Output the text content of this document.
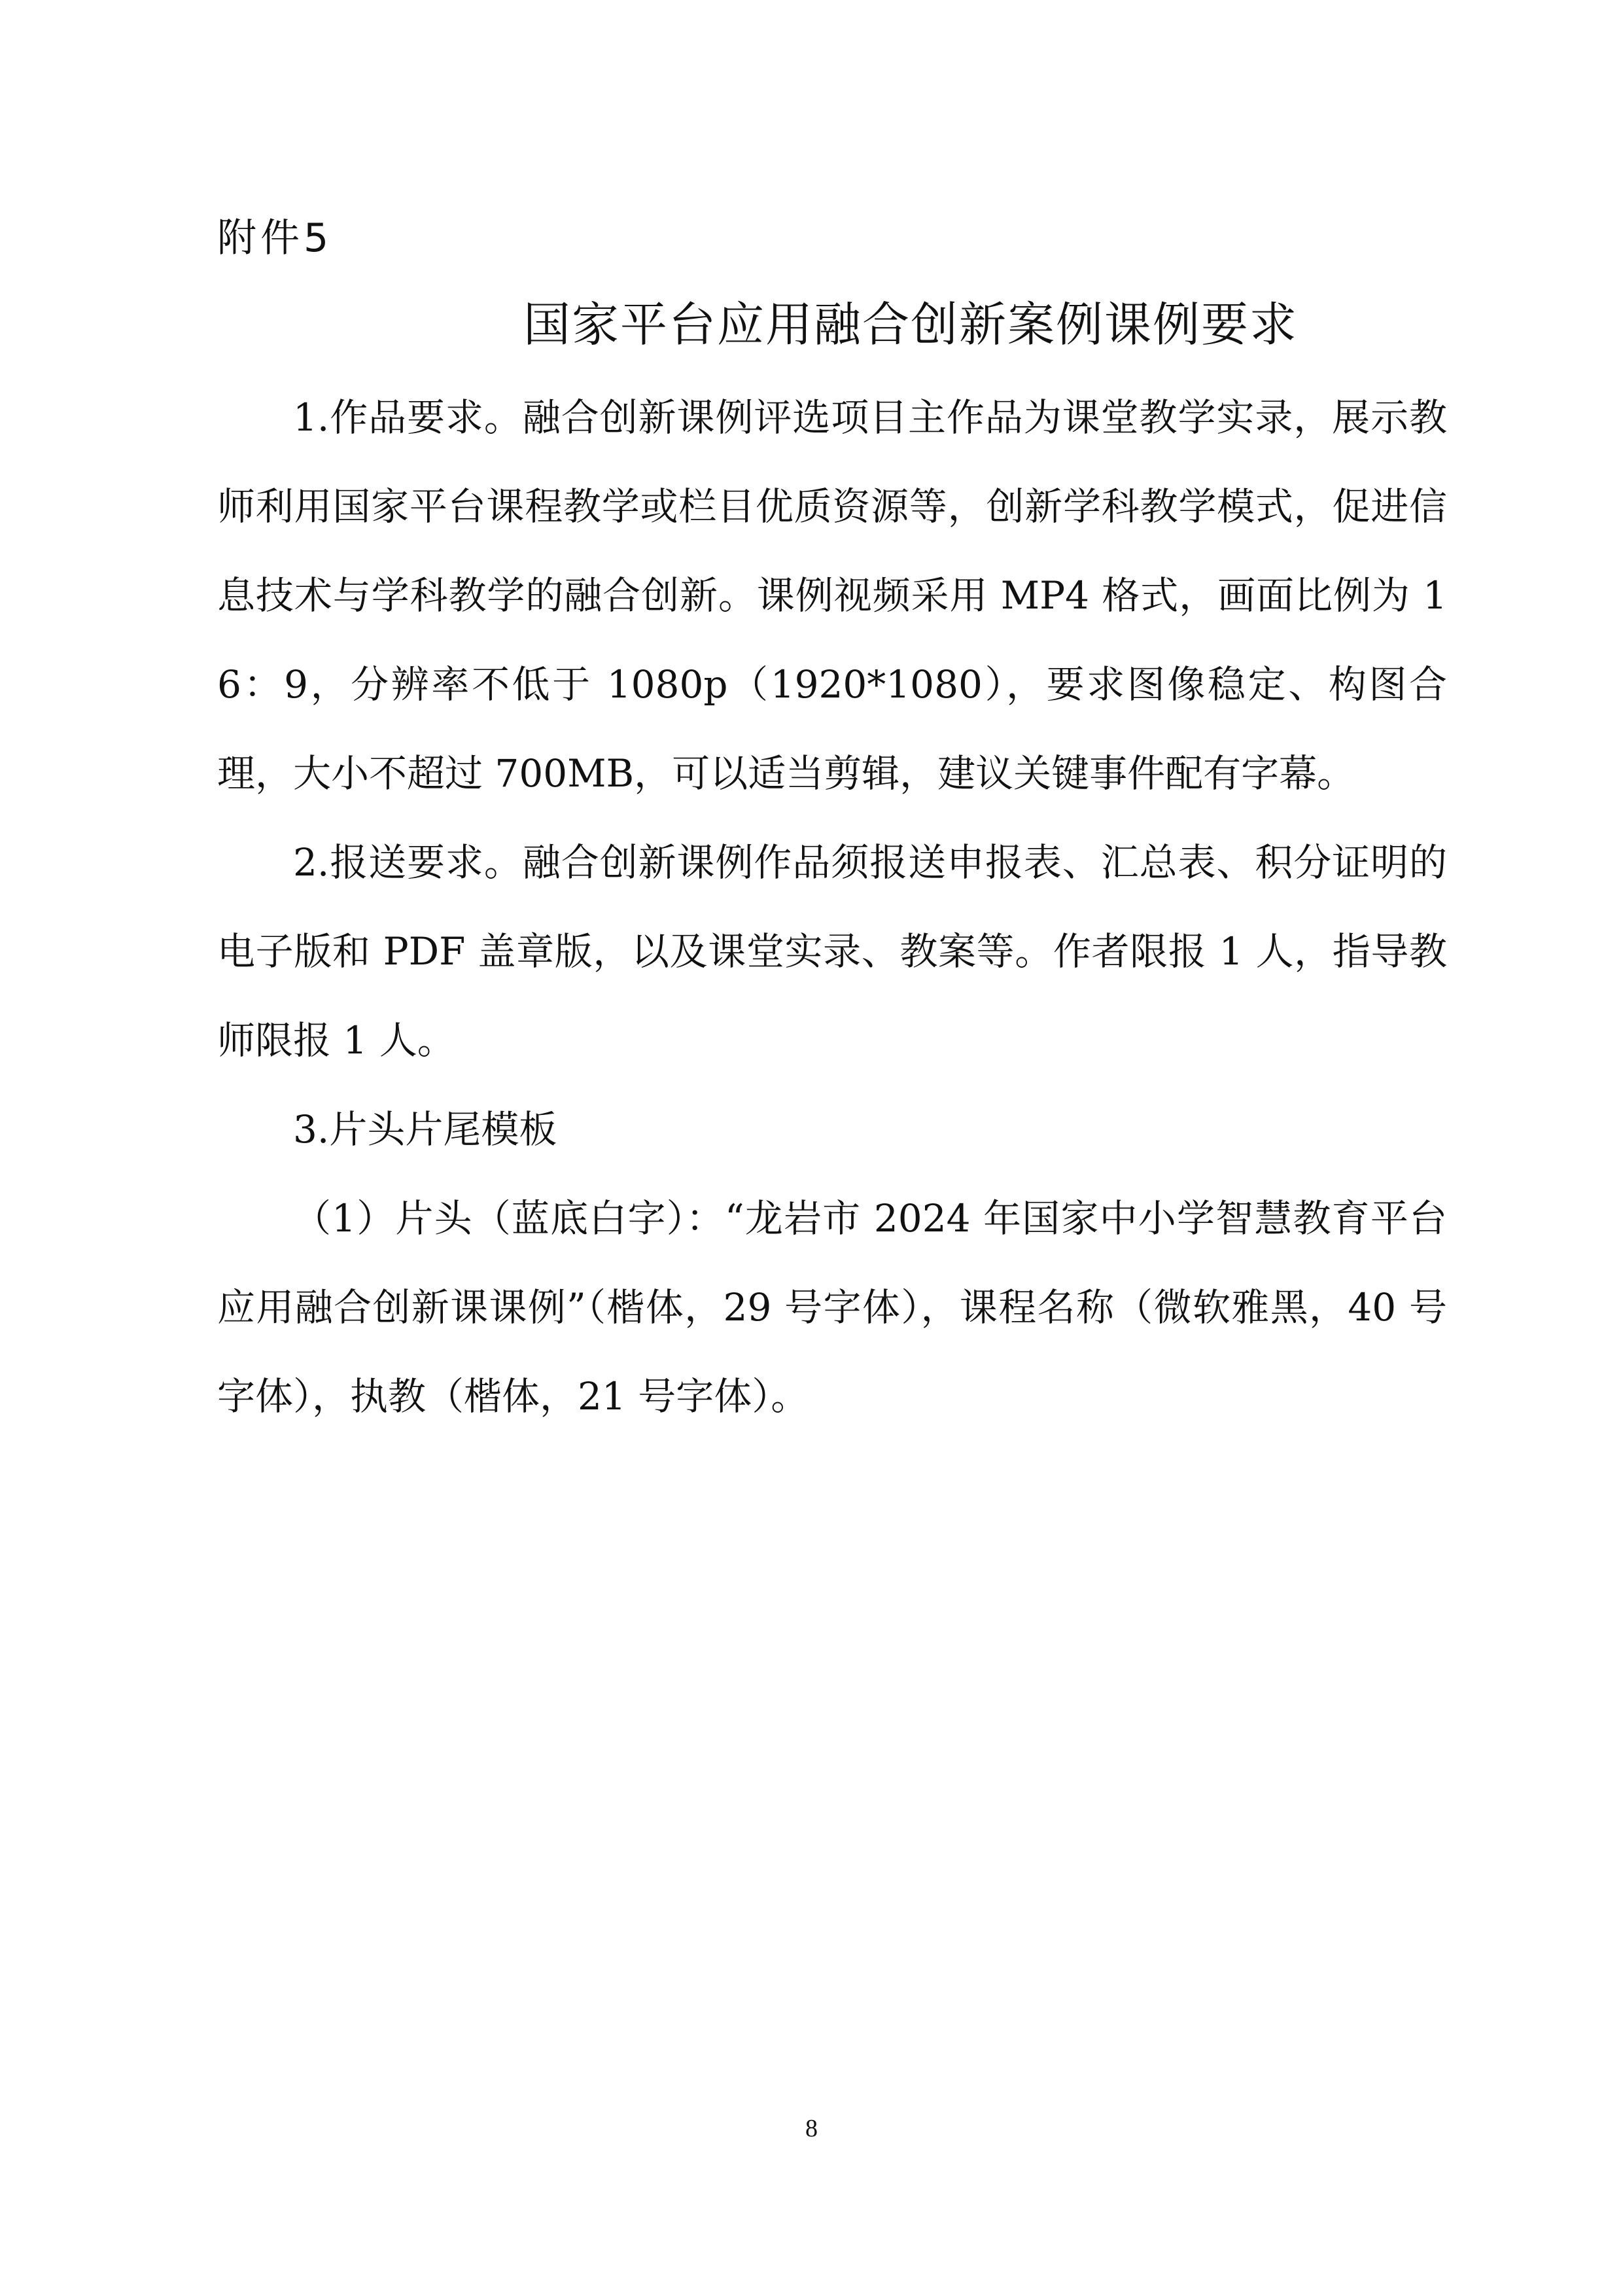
附件5
国家平台应用融合创新案例课例要求

1.作品要求。融合创新课例评选项目主作品为课堂教学实录，展示教师利用国家平台课程教学或栏目优质资源等，创新学科教学模式，促进信息技术与学科教学的融合创新。课例视频采用 MP4 格式，画面比例为 16：9，分辨率不低于 1080p（1920*1080），要求图像稳定、构图合理，大小不超过 700MB，可以适当剪辑，建议关键事件配有字幕。

2.报送要求。融合创新课例作品须报送申报表、汇总表、积分证明的电子版和 PDF 盖章版，以及课堂实录、教案等。作者限报 1 人，指导教师限报 1 人。

3.片头片尾模板

（1）片头（蓝底白字）：“龙岩市 2024 年国家中小学智慧教育平台应用融合创新课课例”（楷体，29 号字体），课程名称（微软雅黑，40 号字体），执教（楷体，21 号字体）。

8
